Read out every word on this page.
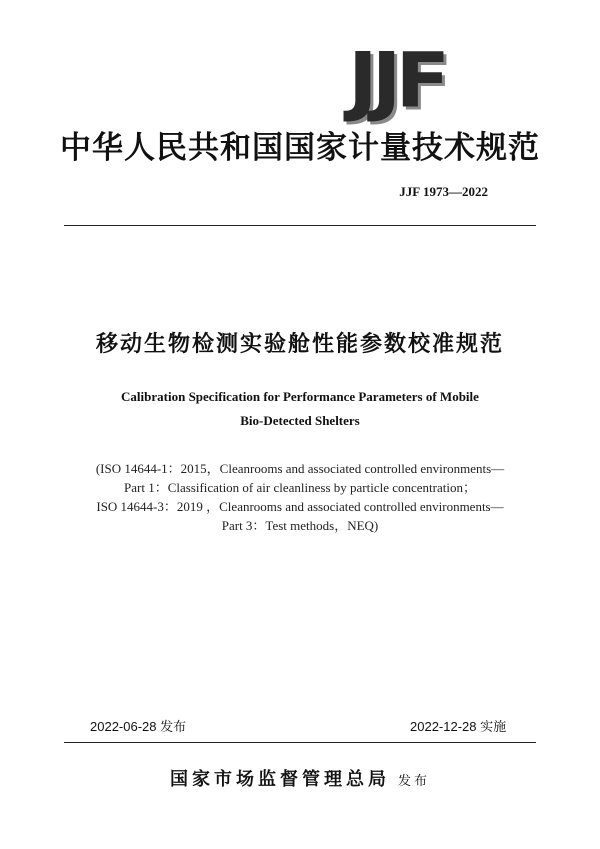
JJF
中华人民共和国国家计量技术规范
JJF 1973—2022
移动生物检测实验舱性能参数校准规范
Calibration Specification for Performance Parameters of Mobile
Bio-Detected Shelters
(ISO 14644-1：2015，Cleanrooms and associated controlled environments—
Part 1：Classification of air cleanliness by particle concentration；
ISO 14644-3：2019 ，Cleanrooms and associated controlled environments—
Part 3：Test methods，NEQ)
2022-06-28 发布	2022-12-28 实施
国家市场监督管理总局 发布
